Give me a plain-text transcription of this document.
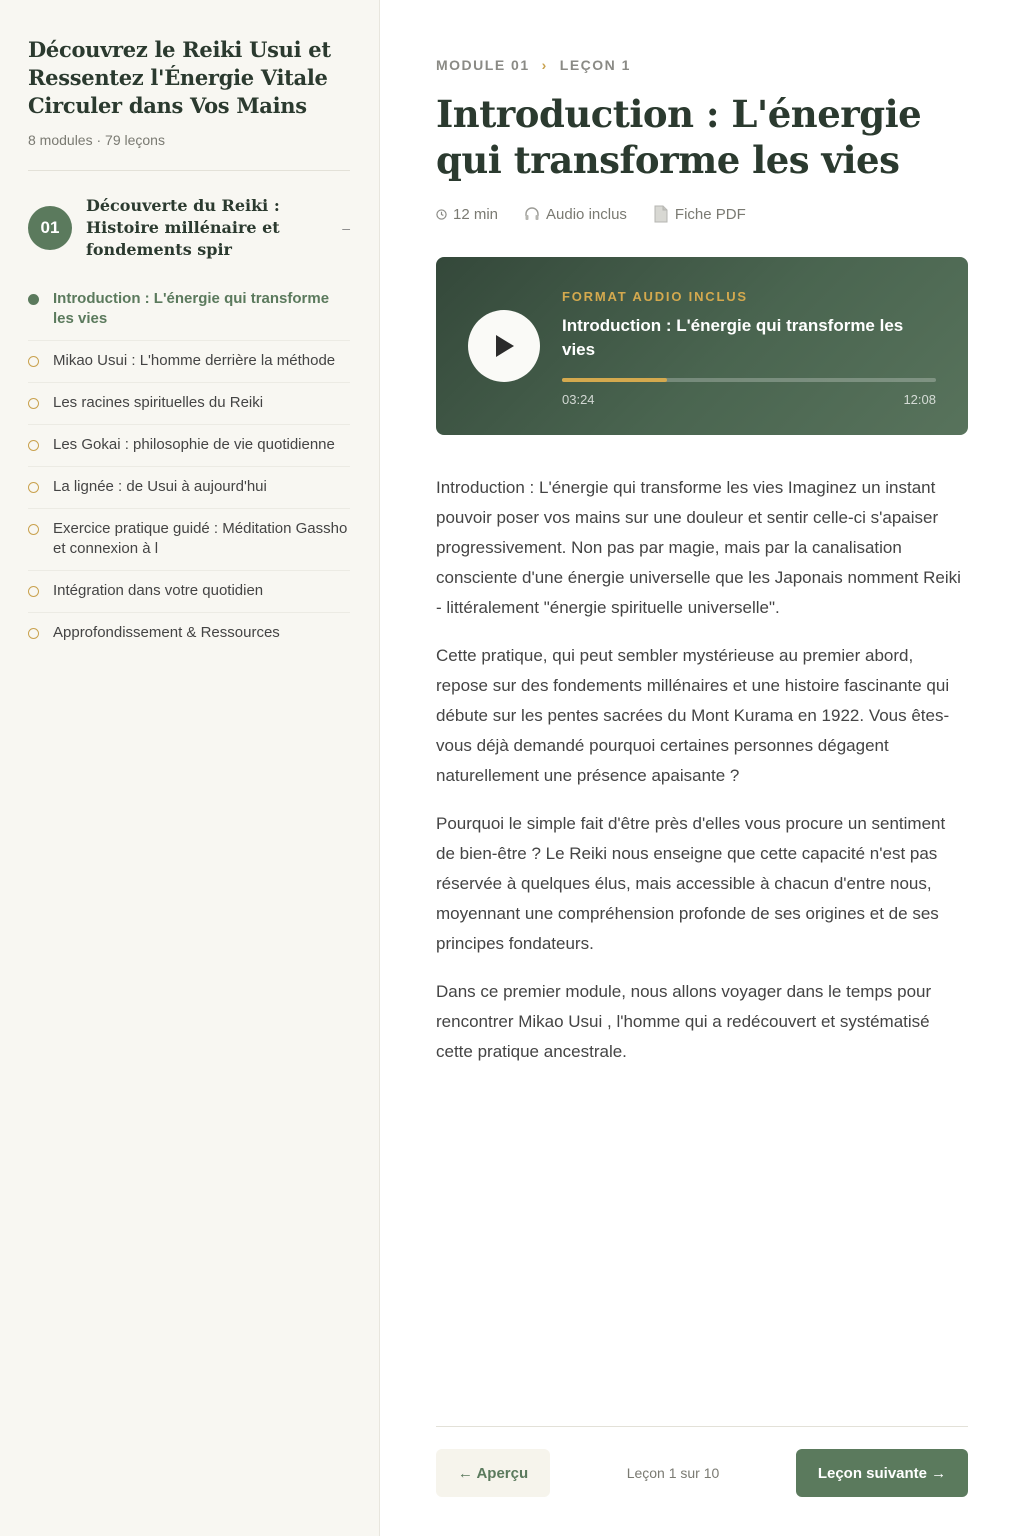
Découvrez le Reiki Usui et Ressentez l'Énergie Vitale Circuler dans Vos Mains
8 modules · 79 leçons
01
Découverte du Reiki : Histoire millénaire et fondements spir
–
Introduction : L'énergie qui transforme les vies
Mikao Usui : L'homme derrière la méthode
Les racines spirituelles du Reiki
Les Gokai : philosophie de vie quotidienne
La lignée : de Usui à aujourd'hui
Exercice pratique guidé : Méditation Gassho et connexion à l
Intégration dans votre quotidien
Approfondissement & Ressources
MODULE 01 › LEÇON 1
Introduction : L'énergie qui transforme les vies
12 min	Audio inclus	Fiche PDF
FORMAT AUDIO INCLUS
Introduction : L'énergie qui transforme les vies
03:24	12:08

Introduction : L'énergie qui transforme les vies Imaginez un instant pouvoir poser vos mains sur une douleur et sentir celle-ci s'apaiser progressivement. Non pas par magie, mais par la canalisation consciente d'une énergie universelle que les Japonais nomment Reiki - littéralement "énergie spirituelle universelle".

Cette pratique, qui peut sembler mystérieuse au premier abord, repose sur des fondements millénaires et une histoire fascinante qui débute sur les pentes sacrées du Mont Kurama en 1922. Vous êtes-vous déjà demandé pourquoi certaines personnes dégagent naturellement une présence apaisante ?

Pourquoi le simple fait d'être près d'elles vous procure un sentiment de bien-être ? Le Reiki nous enseigne que cette capacité n'est pas réservée à quelques élus, mais accessible à chacun d'entre nous, moyennant une compréhension profonde de ses origines et de ses principes fondateurs.

Dans ce premier module, nous allons voyager dans le temps pour rencontrer Mikao Usui , l'homme qui a redécouvert et systématisé cette pratique ancestrale.

← Aperçu	Leçon 1 sur 10	Leçon suivante →
